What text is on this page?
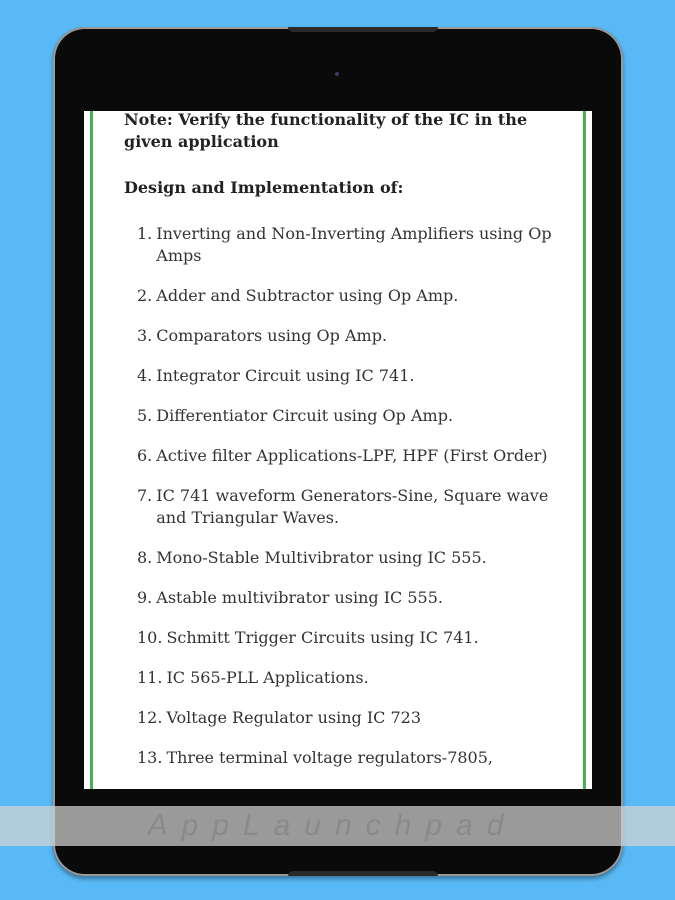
Note: Verify the functionality of the IC in the given application

Design and Implementation of:

1. Inverting and Non-Inverting Amplifiers using Op Amps
2. Adder and Subtractor using Op Amp.
3. Comparators using Op Amp.
4. Integrator Circuit using IC 741.
5. Differentiator Circuit using Op Amp.
6. Active filter Applications-LPF, HPF (First Order)
7. IC 741 waveform Generators-Sine, Square wave and Triangular Waves.
8. Mono-Stable Multivibrator using IC 555.
9. Astable multivibrator using IC 555.
10. Schmitt Trigger Circuits using IC 741.
11. IC 565-PLL Applications.
12. Voltage Regulator using IC 723
13. Three terminal voltage regulators-7805,
AppLaunchpad
